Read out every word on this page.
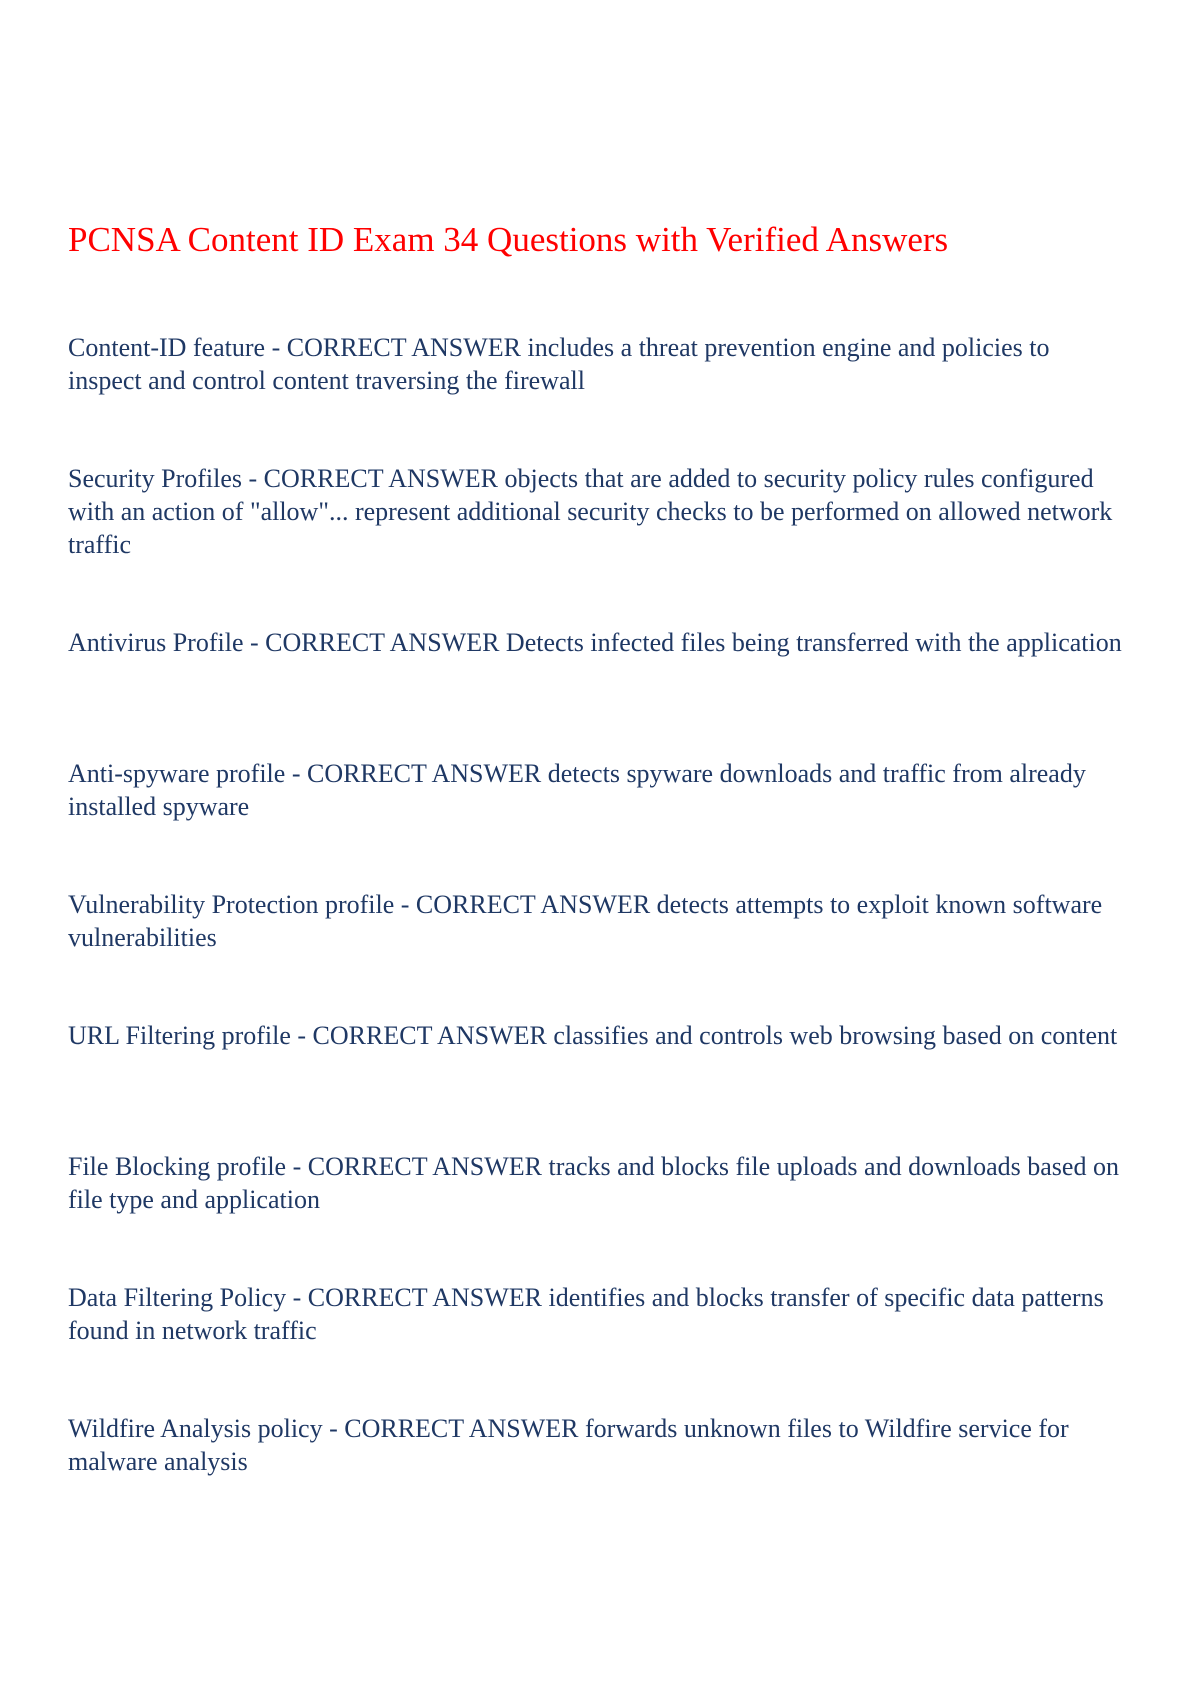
PCNSA Content ID Exam 34 Questions with Verified Answers

Content-ID feature - CORRECT ANSWER includes a threat prevention engine and policies to inspect and control content traversing the firewall

Security Profiles - CORRECT ANSWER objects that are added to security policy rules configured with an action of "allow"... represent additional security checks to be performed on allowed network traffic

Antivirus Profile - CORRECT ANSWER Detects infected files being transferred with the application

Anti-spyware profile - CORRECT ANSWER detects spyware downloads and traffic from already installed spyware

Vulnerability Protection profile - CORRECT ANSWER detects attempts to exploit known software vulnerabilities

URL Filtering profile - CORRECT ANSWER classifies and controls web browsing based on content

File Blocking profile - CORRECT ANSWER tracks and blocks file uploads and downloads based on file type and application

Data Filtering Policy - CORRECT ANSWER identifies and blocks transfer of specific data patterns found in network traffic

Wildfire Analysis policy - CORRECT ANSWER forwards unknown files to Wildfire service for malware analysis
